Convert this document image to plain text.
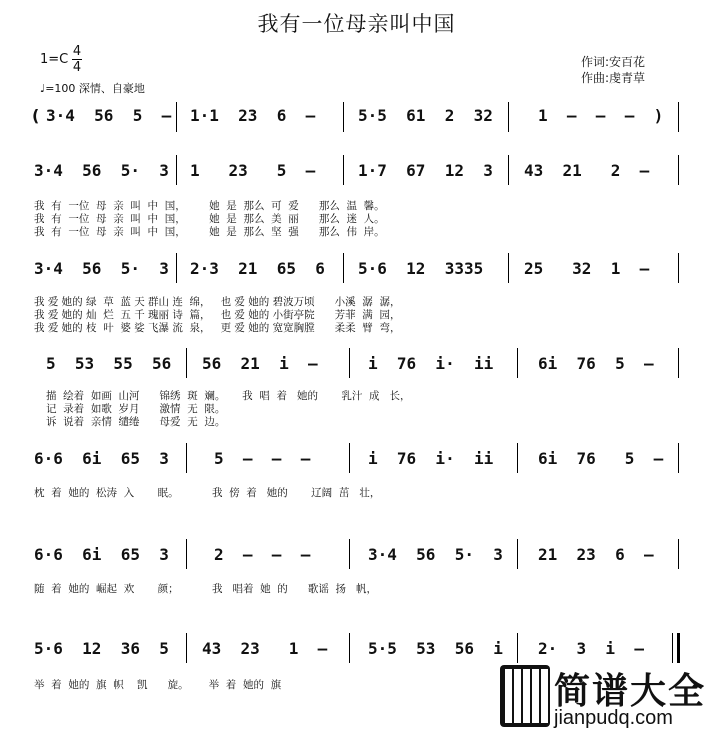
我有一位母亲叫中国
1=C
4
4
♩=100 深情、自豪地
作词:安百花
作曲:虔青草
( 3·4  56  5  – 1·1  23  6  –	5·5  61  2  32	1  –  –  –  )
3·4  56  5·  3 1   23   5  –	1·7  67  12  3 43  21   2  –
我  有  一位  母  亲  叫  中  国，       她  是  那么  可  爱      那么  温  馨。
我  有  一位  母  亲  叫  中  国，       她  是  那么  美  丽      那么  迷  人。
我  有  一位  母  亲  叫  中  国，       她  是  那么  坚  强      那么  伟  岸。
3·4  56  5·  3 2·3  21  65  6 5·6  12  3335	25   32  1  –
我 爱 她的 绿  草  蓝 天 群山 连  绵，   也 爱 她的 碧波万顷      小溪  潺  潺，
我 爱 她的 灿  烂  五 千 瑰丽 诗  篇，   也 爱 她的 小街亭院      芳菲  满  园，
我 爱 她的 枝  叶  婆 娑 飞瀑 流  泉，   更 爱 她的 宽宽胸膛      柔柔  臂  弯，
5  53  55  56 56  21  i  –	i  76  i·  ii	6i  76  5  –
描  绘着  如画  山河      锦绣  斑  斓。     我  唱  着   她的       乳汁  成   长，
记  录着  如歌  岁月      激情  无  限。
诉  说着  亲情  缱绻      母爱  无  边。
6·6  6i  65  3	5  –  –  –	i  76  i·  ii	6i  76   5  –
枕  着  她的  松涛  入       眠。          我  傍  着   她的       辽阔  茁   壮，
6·6  6i  65  3	2  –  –  –	3·4  56  5·  3 21  23  6  –
随  着  她的  崛起  欢       颜；          我   唱着  她  的      歌谣  扬   帆，
5·6  12  36  5 43  23   1  –	5·5  53  56  i 2·  3  i  –
举  着  她的  旗  帜    凯      旋。      举  着  她的  旗	简谱大全
jianpudq.com
